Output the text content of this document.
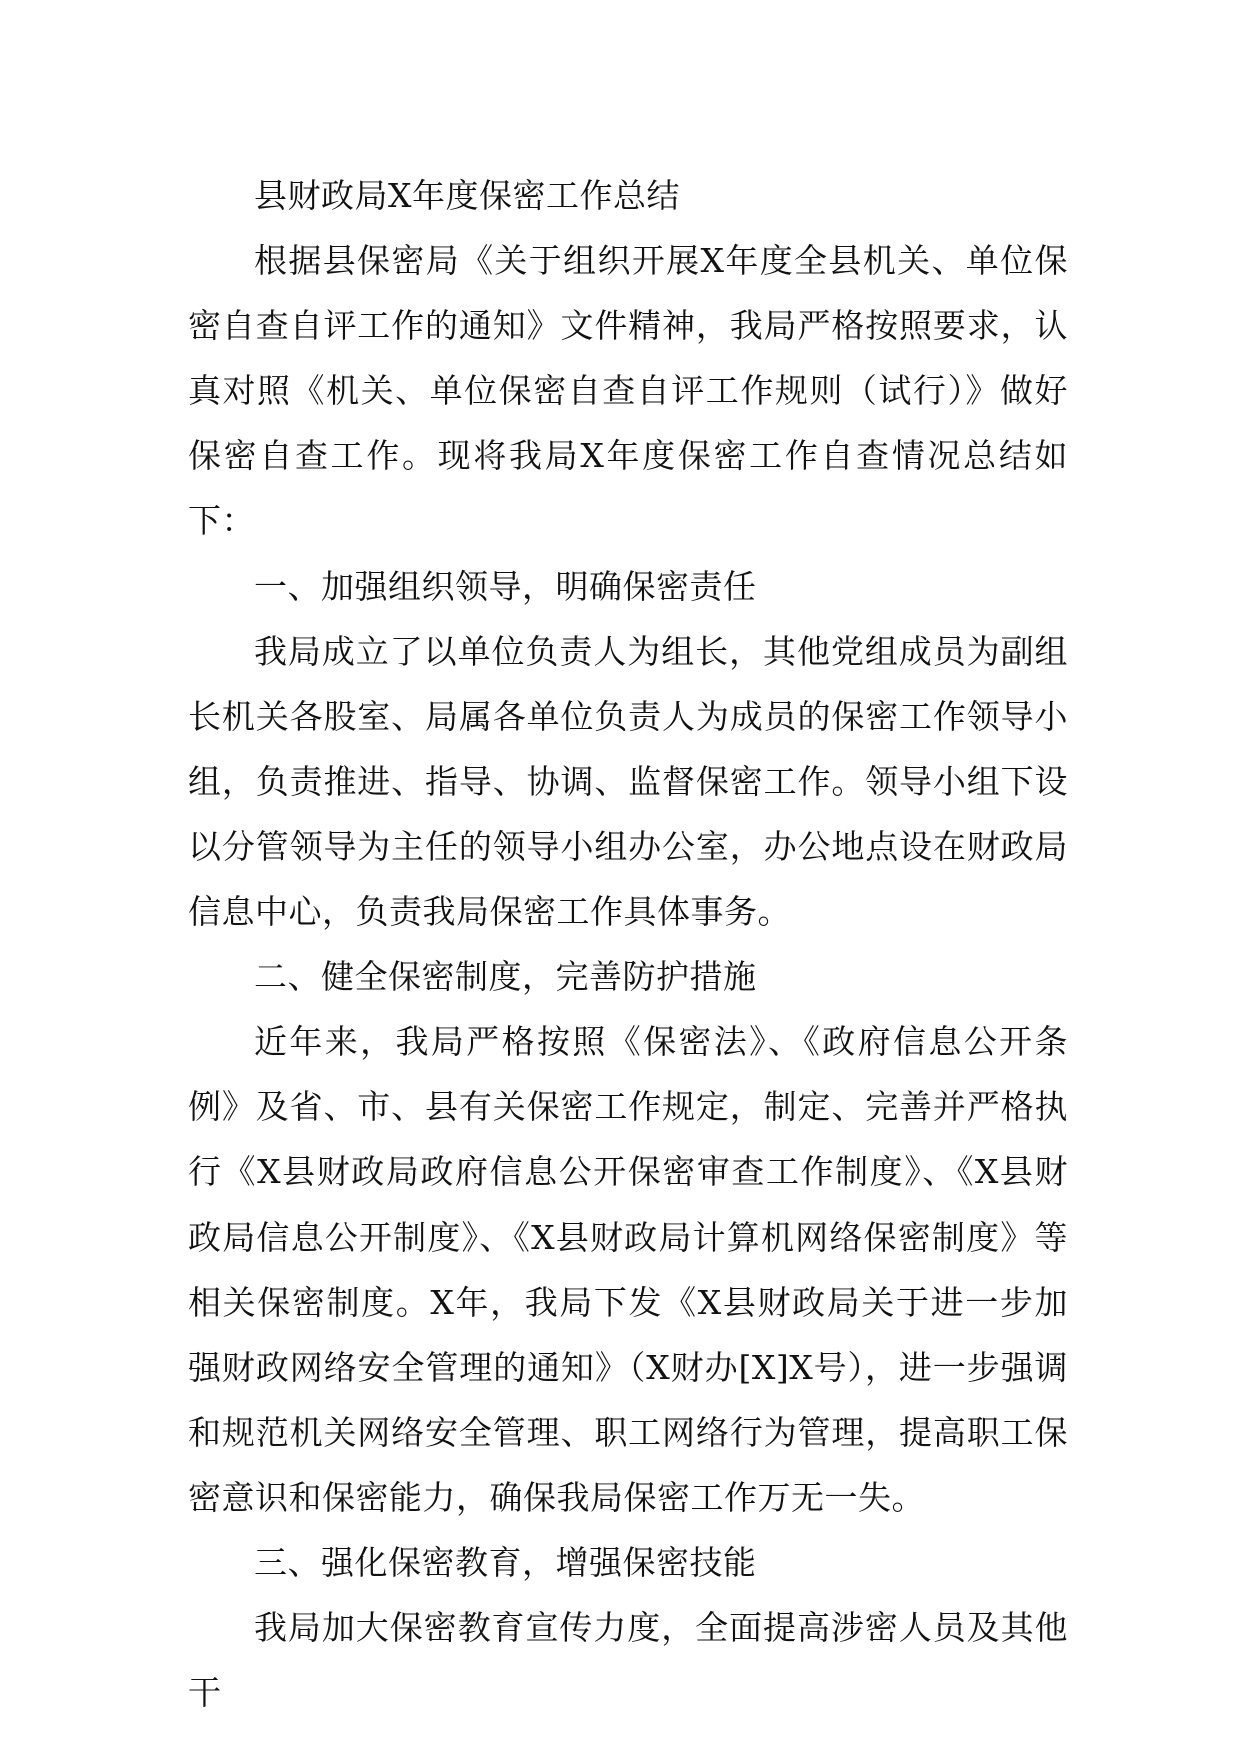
县财政局X年度保密工作总结

根据县保密局《关于组织开展X年度全县机关、单位保密自查自评工作的通知》文件精神，我局严格按照要求，认真对照《机关、单位保密自查自评工作规则（试行）》做好保密自查工作。现将我局X年度保密工作自查情况总结如下：

一、加强组织领导，明确保密责任

我局成立了以单位负责人为组长，其他党组成员为副组长机关各股室、局属各单位负责人为成员的保密工作领导小组，负责推进、指导、协调、监督保密工作。领导小组下设以分管领导为主任的领导小组办公室，办公地点设在财政局信息中心，负责我局保密工作具体事务。

二、健全保密制度，完善防护措施

近年来，我局严格按照《保密法》、《政府信息公开条例》及省、市、县有关保密工作规定，制定、完善并严格执行《X县财政局政府信息公开保密审查工作制度》、《X县财政局信息公开制度》、《X县财政局计算机网络保密制度》等相关保密制度。X年，我局下发《X县财政局关于进一步加强财政网络安全管理的通知》（X财办[X]X号），进一步强调和规范机关网络安全管理、职工网络行为管理，提高职工保密意识和保密能力，确保我局保密工作万无一失。

三、强化保密教育，增强保密技能

我局加大保密教育宣传力度，全面提高涉密人员及其他干
